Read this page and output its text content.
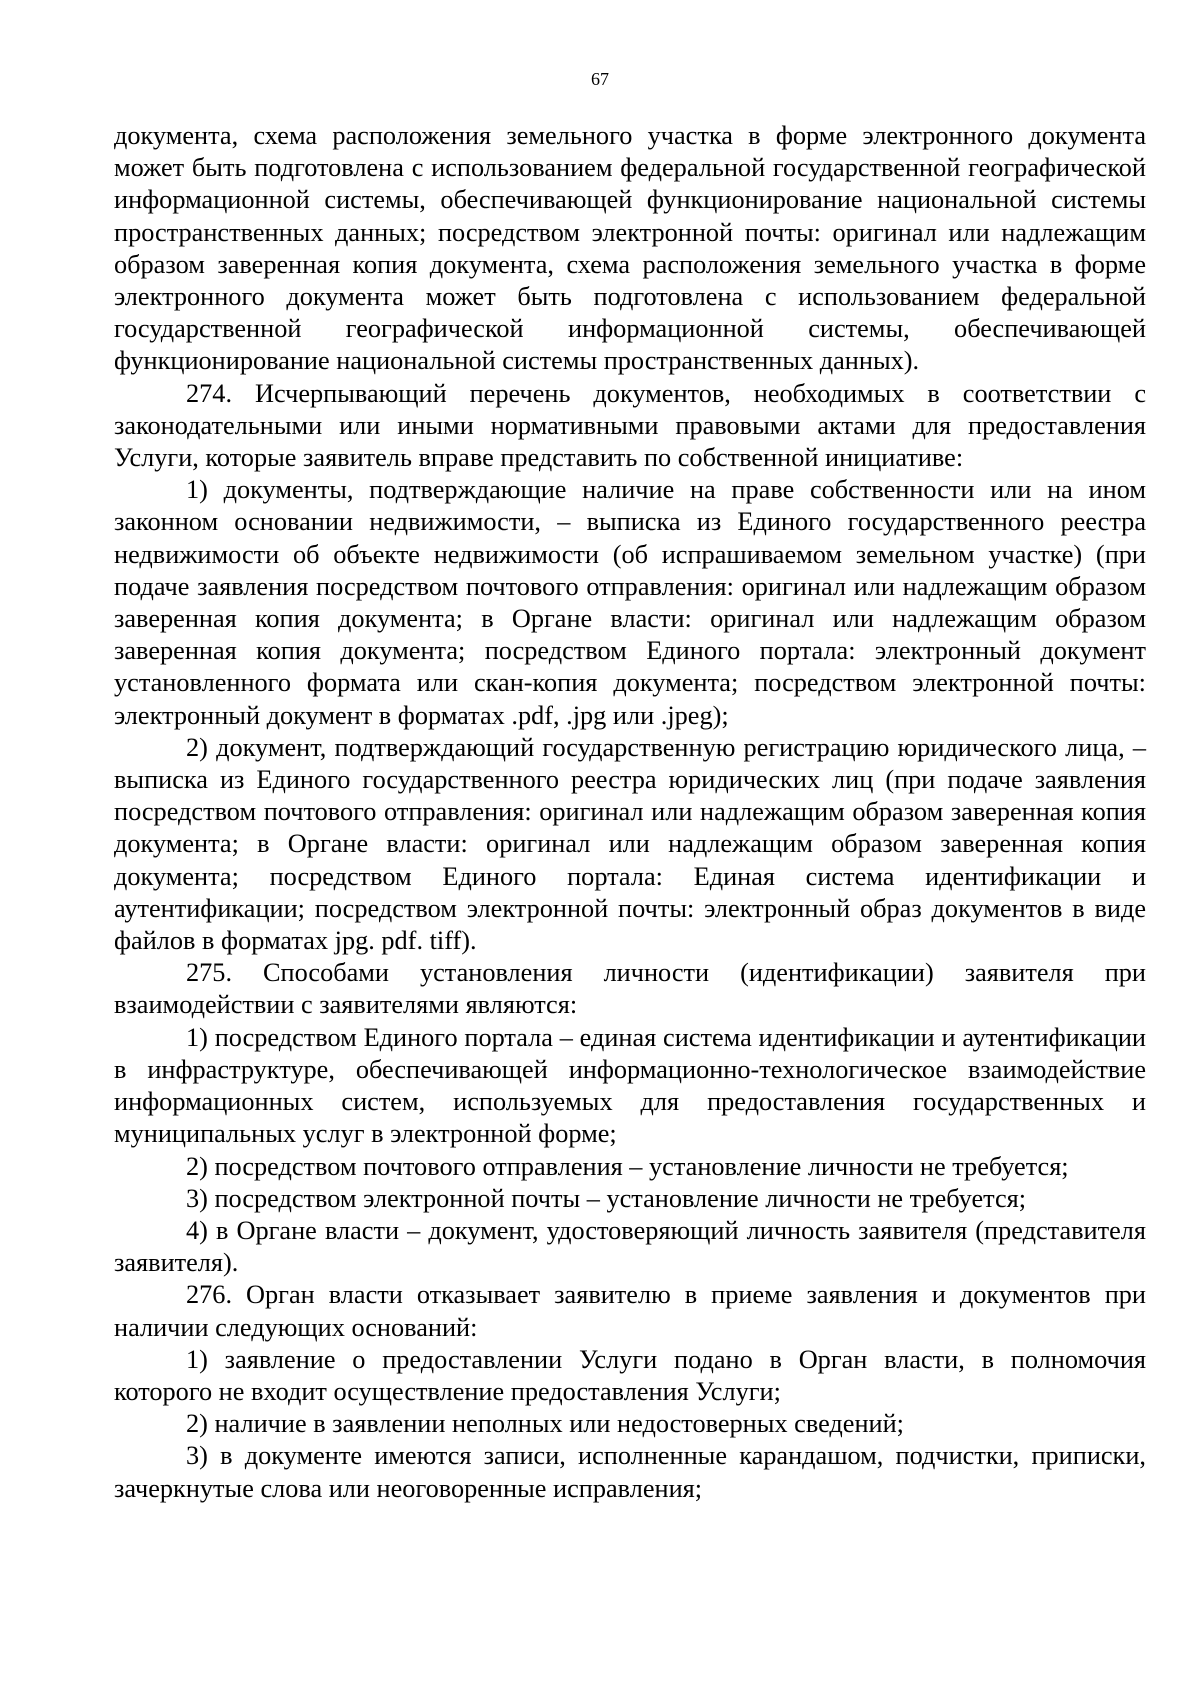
67

документа, схема расположения земельного участка в форме электронного документа может быть подготовлена с использованием федеральной государственной географической информационной системы, обеспечивающей функционирование национальной системы пространственных данных; посредством электронной почты: оригинал или надлежащим образом заверенная копия документа, схема расположения земельного участка в форме электронного документа может быть подготовлена с использованием федеральной государственной географической информационной системы, обеспечивающей функционирование национальной системы пространственных данных).

274. Исчерпывающий перечень документов, необходимых в соответствии с законодательными или иными нормативными правовыми актами для предоставления Услуги, которые заявитель вправе представить по собственной инициативе:

1) документы, подтверждающие наличие на праве собственности или на ином законном основании недвижимости, – выписка из Единого государственного реестра недвижимости об объекте недвижимости (об испрашиваемом земельном участке) (при подаче заявления посредством почтового отправления: оригинал или надлежащим образом заверенная копия документа; в Органе власти: оригинал или надлежащим образом заверенная копия документа; посредством Единого портала: электронный документ установленного формата или скан-копия документа; посредством электронной почты: электронный документ в форматах .pdf, .jpg или .jpeg);

2) документ, подтверждающий государственную регистрацию юридического лица, – выписка из Единого государственного реестра юридических лиц (при подаче заявления посредством почтового отправления: оригинал или надлежащим образом заверенная копия документа; в Органе власти: оригинал или надлежащим образом заверенная копия документа; посредством Единого портала: Единая система идентификации и аутентификации; посредством электронной почты: электронный образ документов в виде файлов в форматах jpg. pdf. tiff).

275. Способами установления личности (идентификации) заявителя при взаимодействии с заявителями являются:

1) посредством Единого портала – единая система идентификации и аутентификации в инфраструктуре, обеспечивающей информационно-технологическое взаимодействие информационных систем, используемых для предоставления государственных и муниципальных услуг в электронной форме;

2) посредством почтового отправления – установление личности не требуется;

3) посредством электронной почты – установление личности не требуется;

4) в Органе власти – документ, удостоверяющий личность заявителя (представителя заявителя).

276. Орган власти отказывает заявителю в приеме заявления и документов при наличии следующих оснований:

1) заявление о предоставлении Услуги подано в Орган власти, в полномочия которого не входит осуществление предоставления Услуги;

2) наличие в заявлении неполных или недостоверных сведений;

3) в документе имеются записи, исполненные карандашом, подчистки, приписки, зачеркнутые слова или неоговоренные исправления;
